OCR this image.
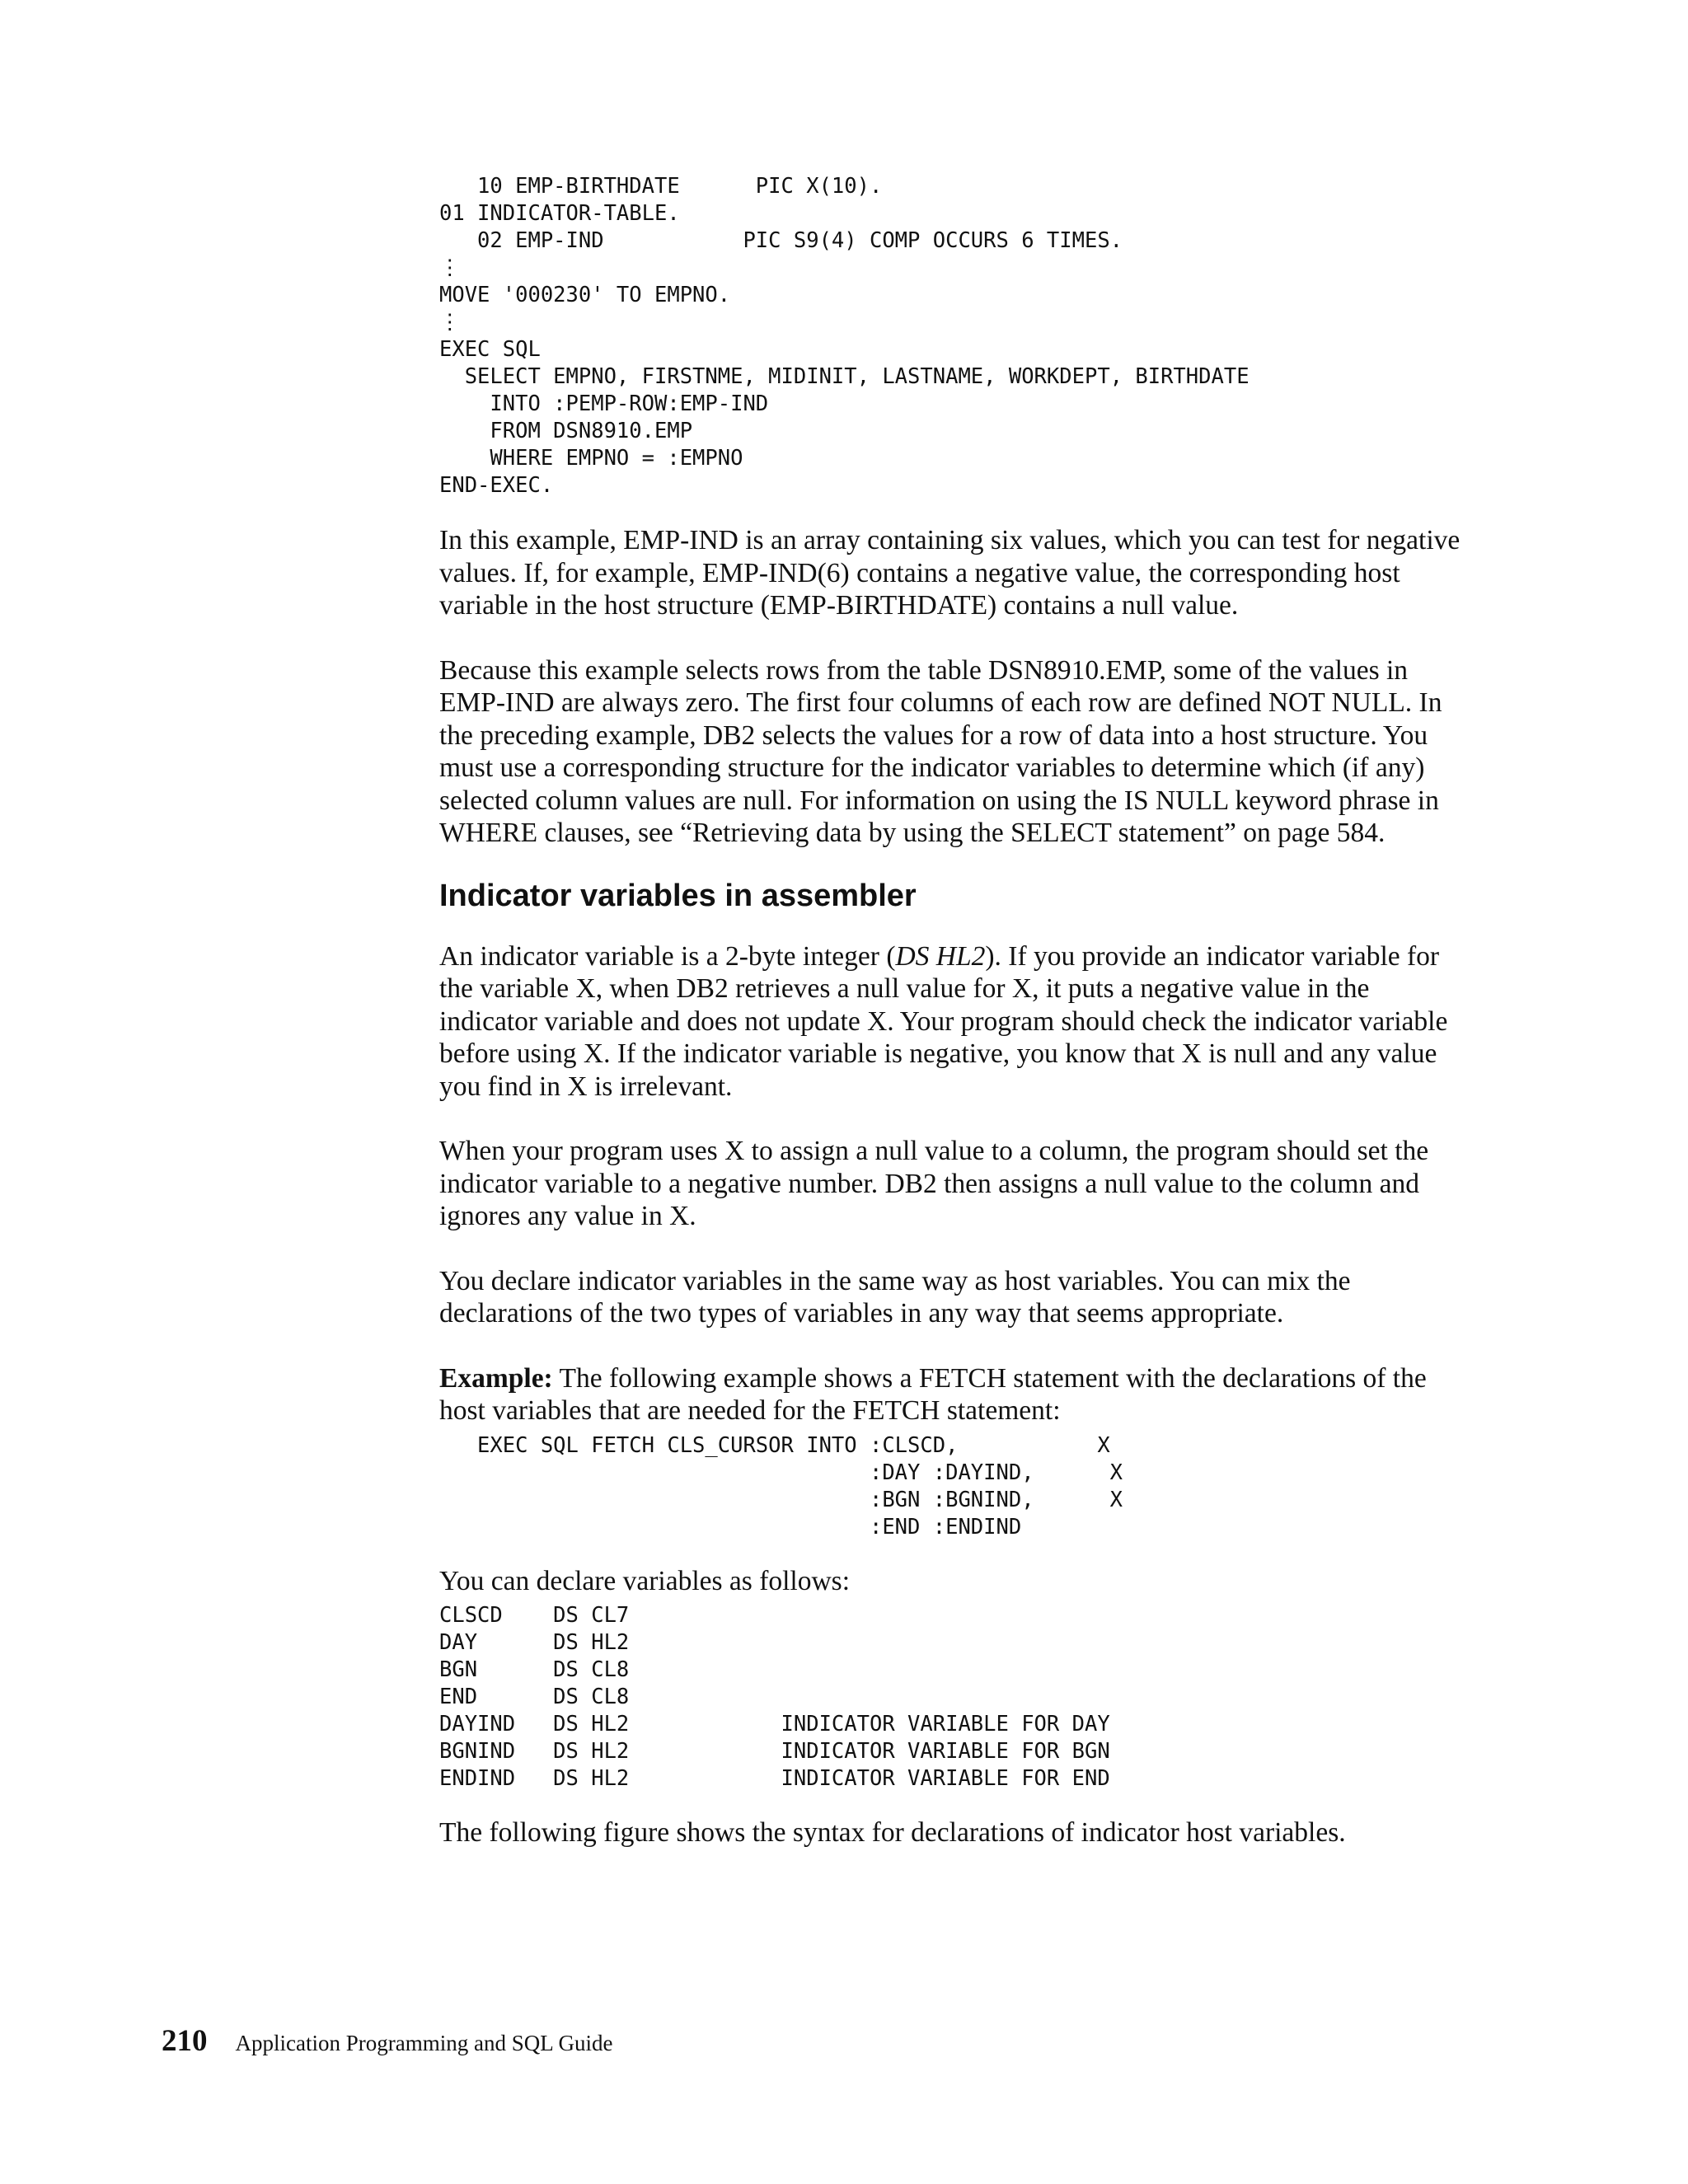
10 EMP-BIRTHDATE      PIC X(10).
01 INDICATOR-TABLE.
02 EMP-IND           PIC S9(4) COMP OCCURS 6 TIMES.
⋮
MOVE '000230' TO EMPNO.
⋮
EXEC SQL
SELECT EMPNO, FIRSTNME, MIDINIT, LASTNAME, WORKDEPT, BIRTHDATE
INTO :PEMP-ROW:EMP-IND
FROM DSN8910.EMP
WHERE EMPNO = :EMPNO
END-EXEC.

In this example, EMP-IND is an array containing six values, which you can test for negative values. If, for example, EMP-IND(6) contains a negative value, the corresponding host variable in the host structure (EMP-BIRTHDATE) contains a null value.

Because this example selects rows from the table DSN8910.EMP, some of the values in EMP-IND are always zero. The first four columns of each row are defined NOT NULL. In the preceding example, DB2 selects the values for a row of data into a host structure. You must use a corresponding structure for the indicator variables to determine which (if any) selected column values are null. For information on using the IS NULL keyword phrase in WHERE clauses, see “Retrieving data by using the SELECT statement” on page 584.

Indicator variables in assembler

An indicator variable is a 2-byte integer (DS HL2). If you provide an indicator variable for the variable X, when DB2 retrieves a null value for X, it puts a negative value in the indicator variable and does not update X. Your program should check the indicator variable before using X. If the indicator variable is negative, you know that X is null and any value you find in X is irrelevant.

When your program uses X to assign a null value to a column, the program should set the indicator variable to a negative number. DB2 then assigns a null value to the column and ignores any value in X.

You declare indicator variables in the same way as host variables. You can mix the declarations of the two types of variables in any way that seems appropriate.

Example: The following example shows a FETCH statement with the declarations of the host variables that are needed for the FETCH statement:

EXEC SQL FETCH CLS_CURSOR INTO :CLSCD,           X
:DAY :DAYIND,      X
:BGN :BGNIND,      X
:END :ENDIND

You can declare variables as follows:

CLSCD    DS CL7
DAY      DS HL2
BGN      DS CL8
END      DS CL8
DAYIND   DS HL2            INDICATOR VARIABLE FOR DAY
BGNIND   DS HL2            INDICATOR VARIABLE FOR BGN
ENDIND   DS HL2            INDICATOR VARIABLE FOR END

The following figure shows the syntax for declarations of indicator host variables.

210 Application Programming and SQL Guide
